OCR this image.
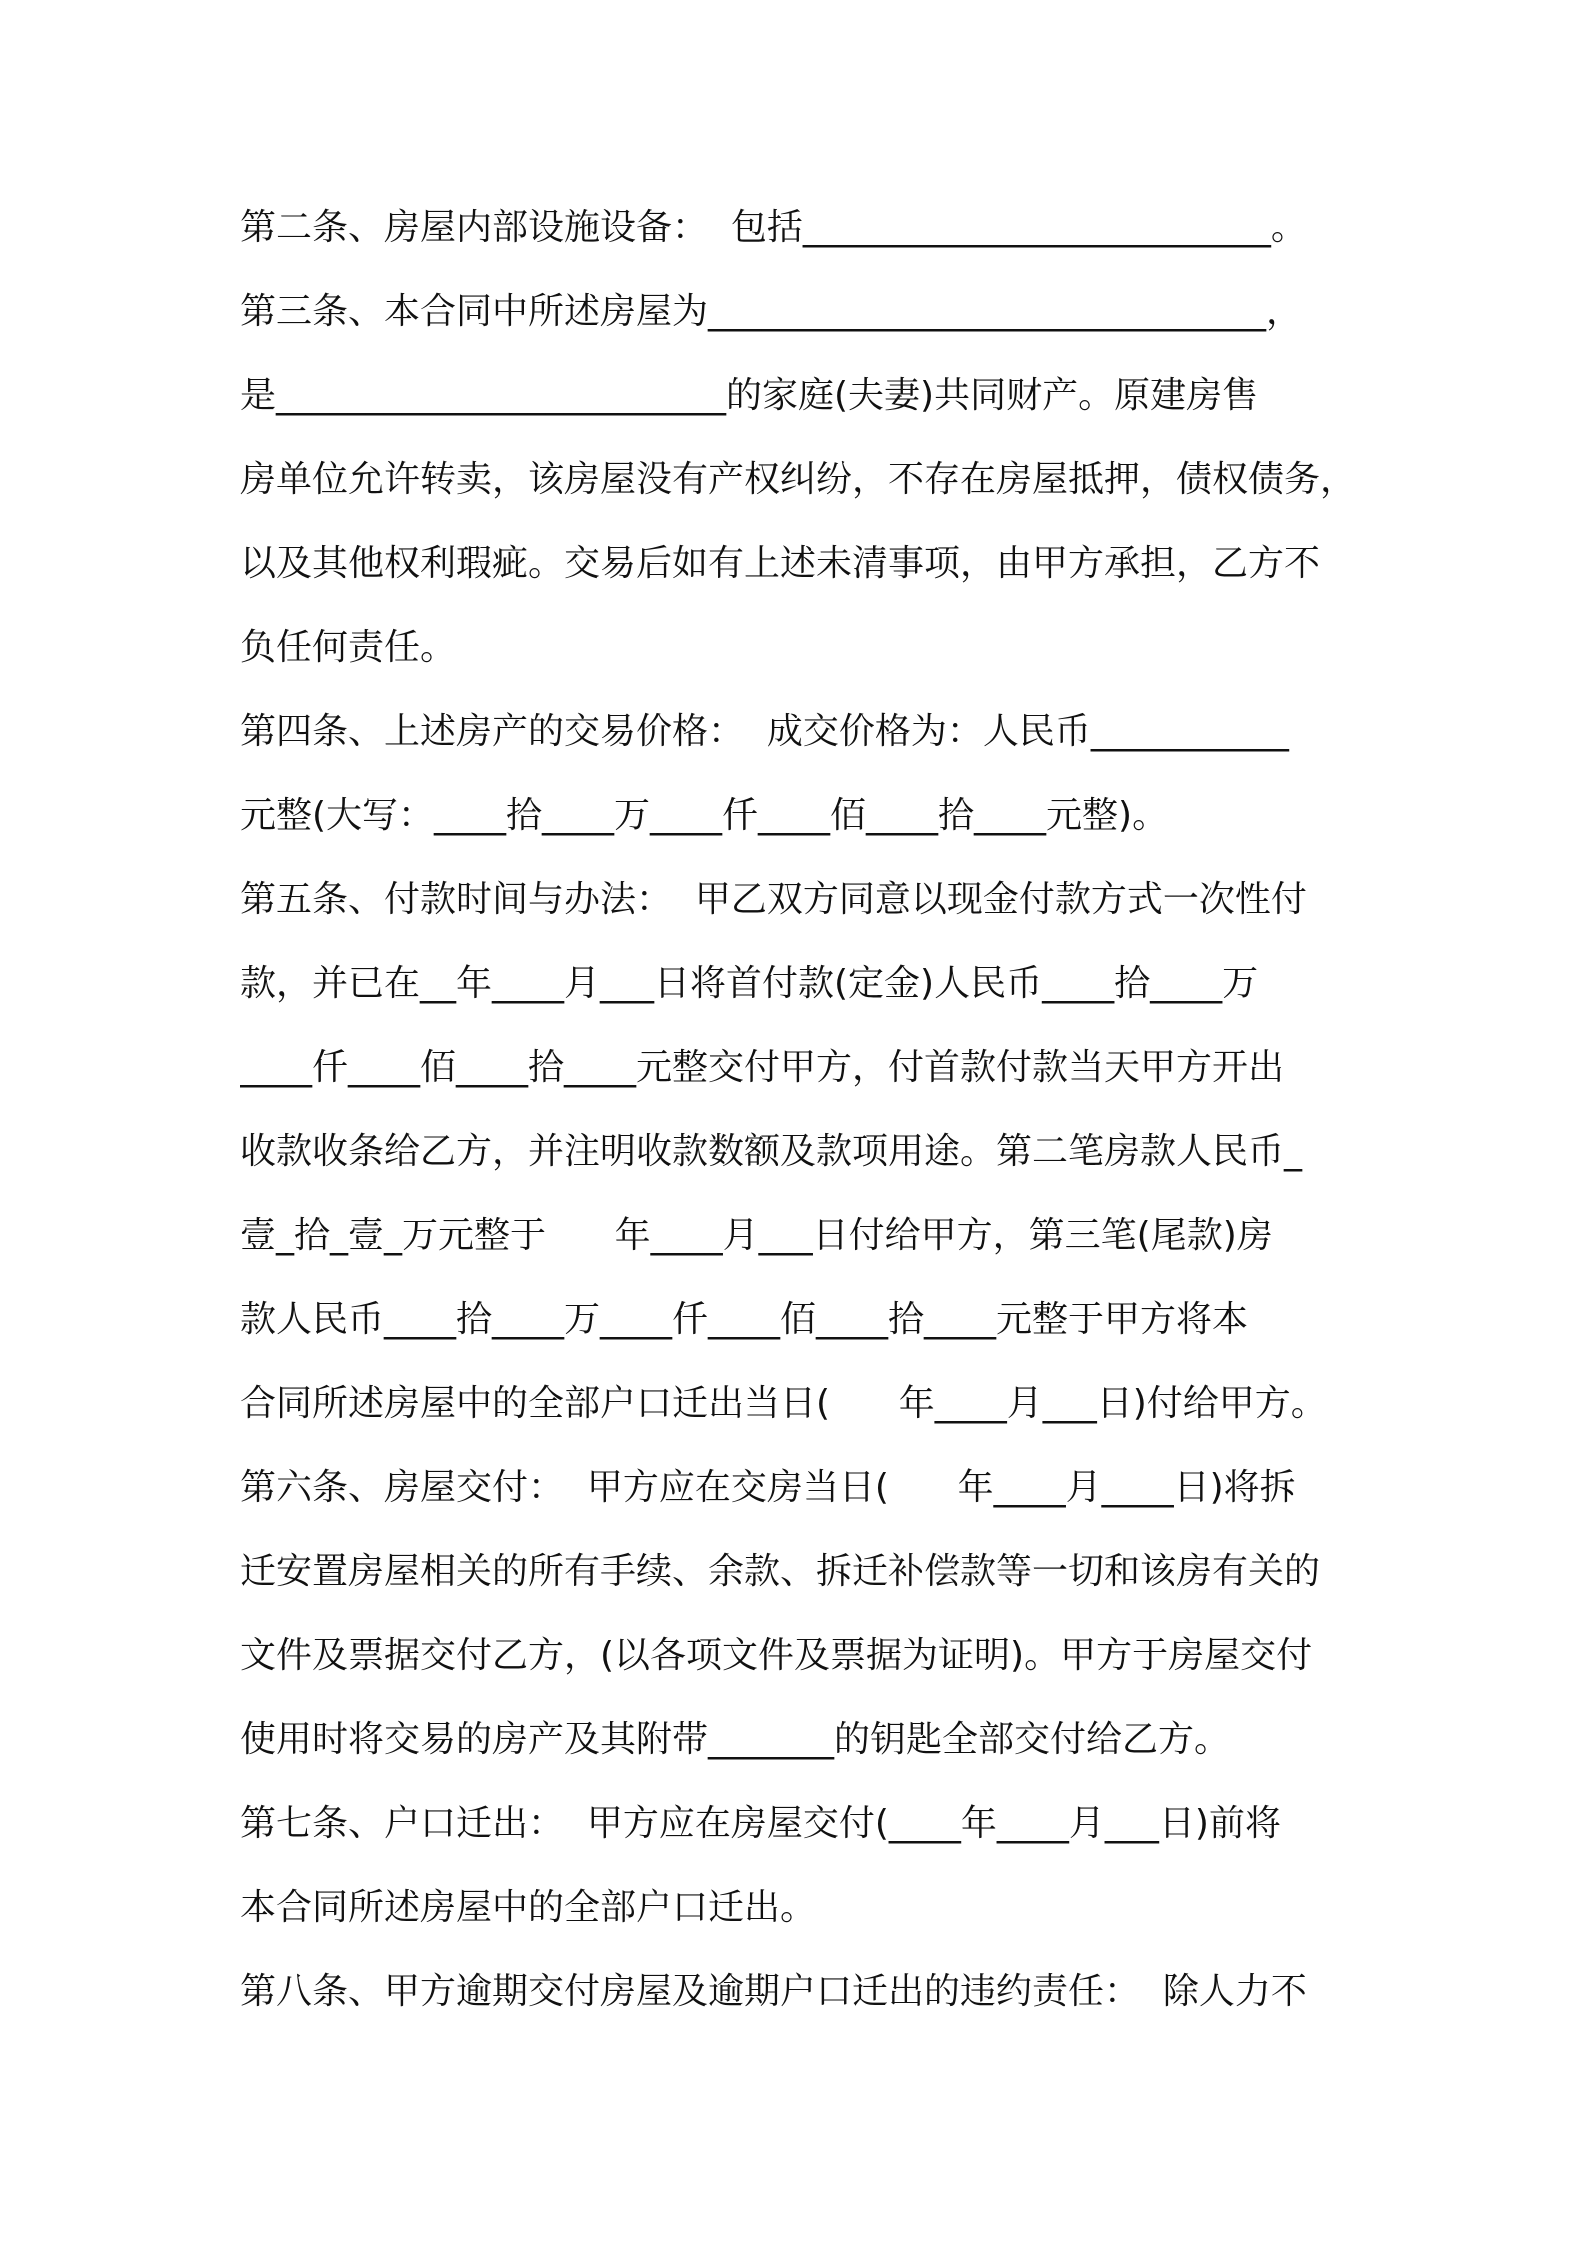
第二条、房屋内部设施设备：  包括__________________________。
第三条、本合同中所述房屋为_______________________________，
是_________________________的家庭(夫妻)共同财产。原建房售
房单位允许转卖，该房屋没有产权纠纷，不存在房屋抵押，债权债务，
以及其他权利瑕疵。交易后如有上述未清事项，由甲方承担，乙方不
负任何责任。
第四条、上述房产的交易价格：  成交价格为：人民币___________
元整(大写：____拾____万____仟____佰____拾____元整)。
第五条、付款时间与办法：  甲乙双方同意以现金付款方式一次性付
款，并已在__年____月___日将首付款(定金)人民币____拾____万
____仟____佰____拾____元整交付甲方，付首款付款当天甲方开出
收款收条给乙方，并注明收款数额及款项用途。第二笔房款人民币_
壹_拾_壹_万元整于      年____月___日付给甲方，第三笔(尾款)房
款人民币____拾____万____仟____佰____拾____元整于甲方将本
合同所述房屋中的全部户口迁出当日(      年____月___日)付给甲方。
第六条、房屋交付：  甲方应在交房当日(      年____月____日)将拆
迁安置房屋相关的所有手续、余款、拆迁补偿款等一切和该房有关的
文件及票据交付乙方，(以各项文件及票据为证明)。甲方于房屋交付
使用时将交易的房产及其附带_______的钥匙全部交付给乙方。
第七条、户口迁出：  甲方应在房屋交付(____年____月___日)前将
本合同所述房屋中的全部户口迁出。
第八条、甲方逾期交付房屋及逾期户口迁出的违约责任：  除人力不
